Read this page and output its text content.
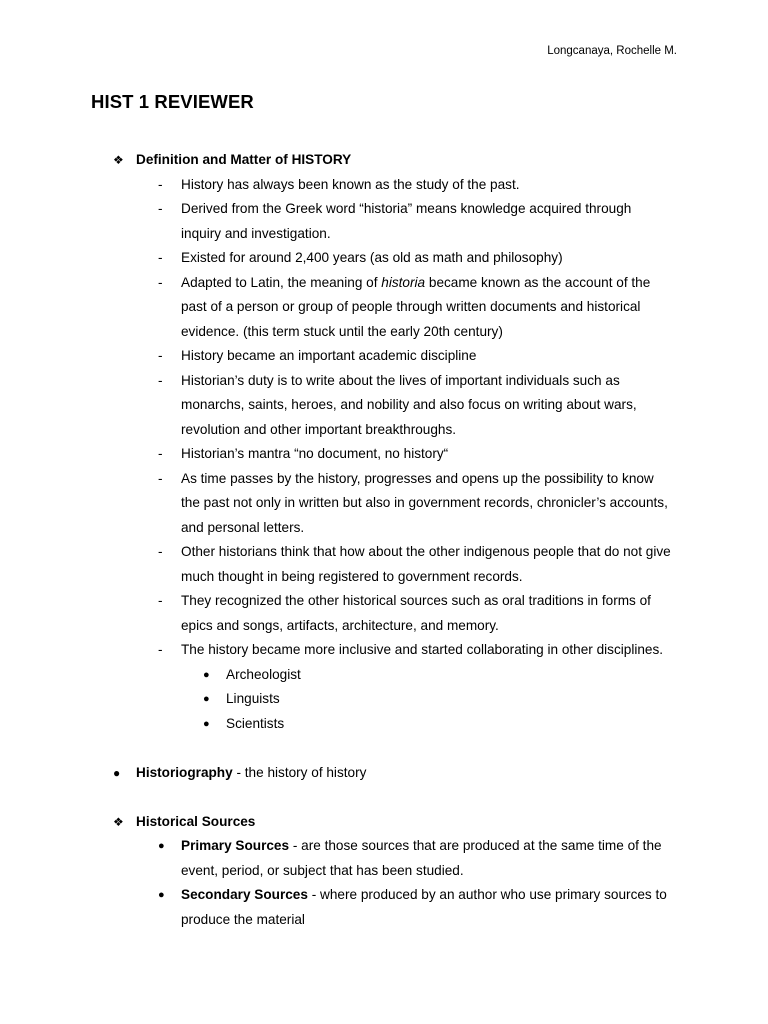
Longcanaya, Rochelle M.
HIST 1 REVIEWER
❖ Definition and Matter of HISTORY
- History has always been known as the study of the past.
- Derived from the Greek word “historia” means knowledge acquired through
inquiry and investigation.
- Existed for around 2,400 years (as old as math and philosophy)
- Adapted to Latin, the meaning of historia became known as the account of the
past of a person or group of people through written documents and historical
evidence. (this term stuck until the early 20th century)
- History became an important academic discipline
- Historian’s duty is to write about the lives of important individuals such as
monarchs, saints, heroes, and nobility and also focus on writing about wars,
revolution and other important breakthroughs.
- Historian’s mantra “no document, no history“
- As time passes by the history, progresses and opens up the possibility to know
the past not only in written but also in government records, chronicler’s accounts,
and personal letters.
- Other historians think that how about the other indigenous people that do not give
much thought in being registered to government records.
- They recognized the other historical sources such as oral traditions in forms of
epics and songs, artifacts, architecture, and memory.
- The history became more inclusive and started collaborating in other disciplines.
● Archeologist
● Linguists
● Scientists
● Historiography - the history of history
❖ Historical Sources
● Primary Sources - are those sources that are produced at the same time of the
event, period, or subject that has been studied.
● Secondary Sources - where produced by an author who use primary sources to
produce the material
